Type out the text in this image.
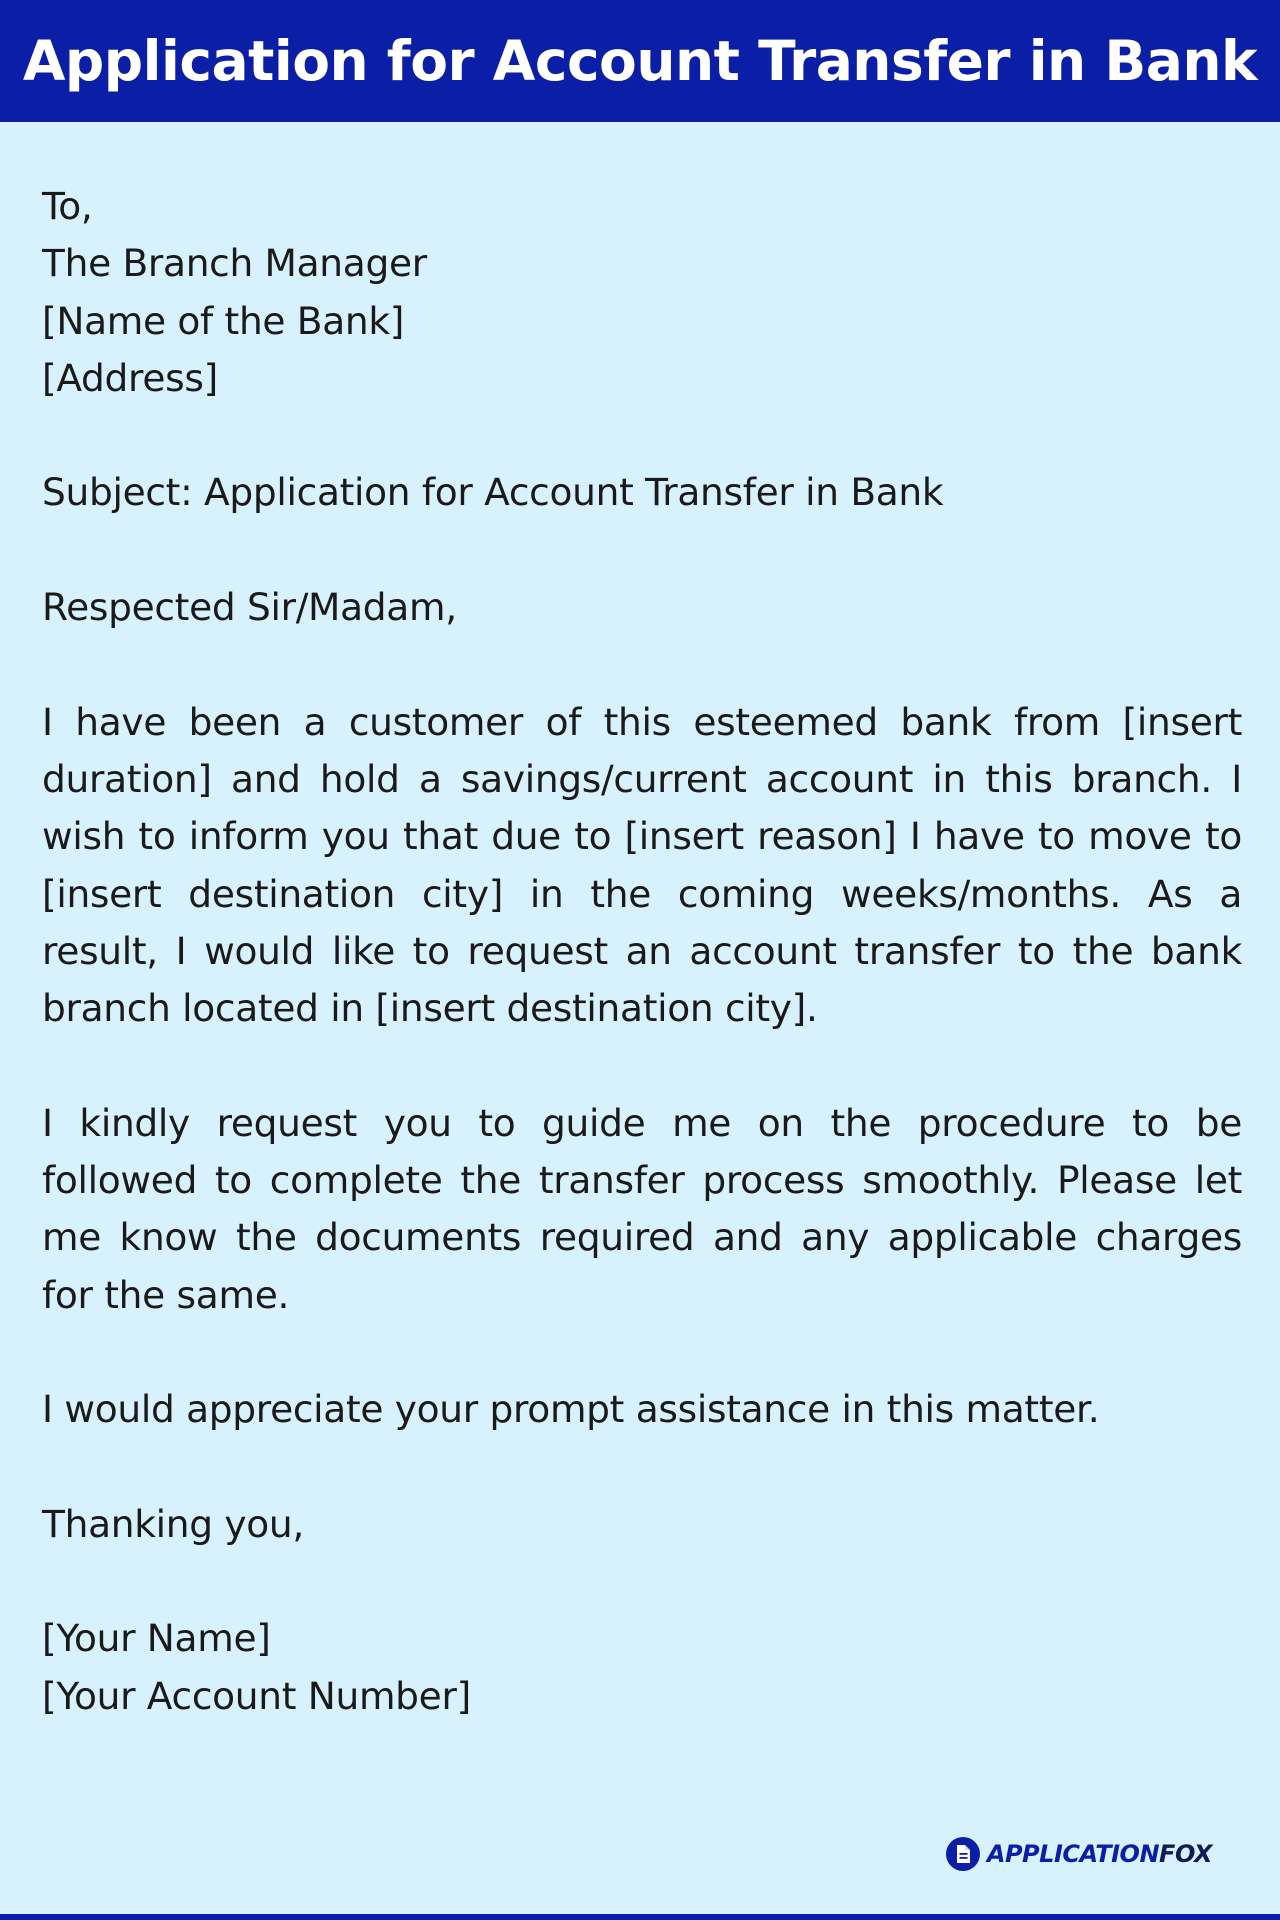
Application for Account Transfer in Bank

To,

The Branch Manager

[Name of the Bank]

[Address]

Subject: Application for Account Transfer in Bank

Respected Sir/Madam,

I have been a customer of this esteemed bank from [insert duration] and hold a savings/current account in this branch. I wish to inform you that due to [insert reason] I have to move to [insert destination city] in the coming weeks/months. As a result, I would like to request an account transfer to the bank branch located in [insert destination city].
I kindly request you to guide me on the procedure to be followed to complete the transfer process smoothly. Please let me know the documents required and any applicable charges for the same.

I would appreciate your prompt assistance in this matter.

Thanking you,

[Your Name]

[Your Account Number]

APPLICATIONFOX
